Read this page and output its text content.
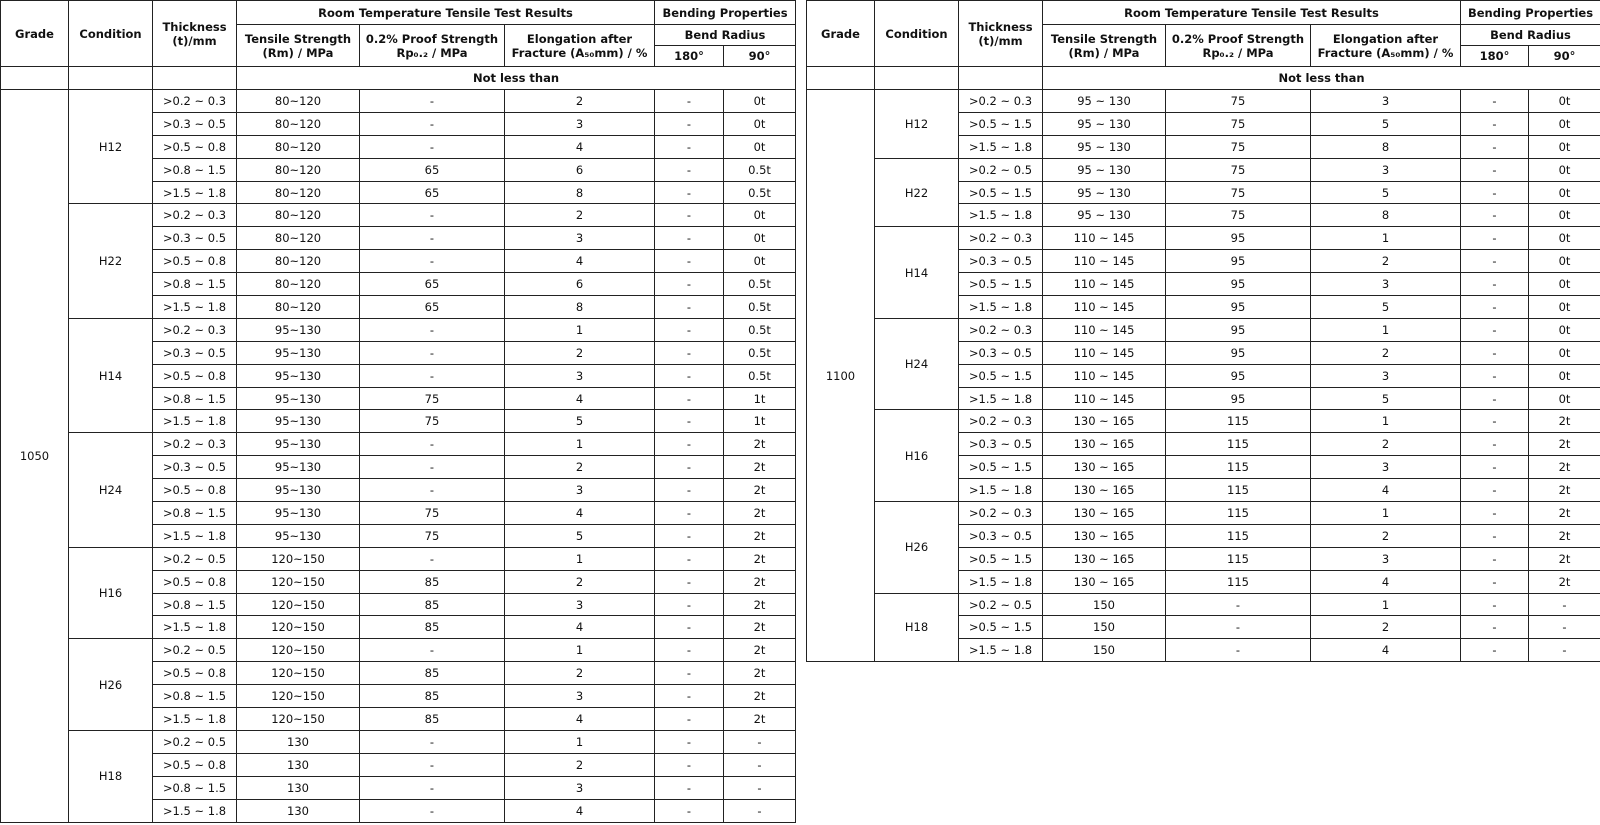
Grade	Condition	Thickness (t)/mm	Room Temperature Tensile Test Results			Bending Properties	
			Tensile Strength (Rm) / MPa	0.2% Proof Strength Rp₀.₂ / MPa	Elongation after Fracture (A₅₀mm) / %	Bend Radius	
						180°	90°
			Not less than				
1050	H12	>0.2 ~ 0.3	80~120	-	2	-	0t
		>0.3 ~ 0.5	80~120	-	3	-	0t
		>0.5 ~ 0.8	80~120	-	4	-	0t
		>0.8 ~ 1.5	80~120	65	6	-	0.5t
		>1.5 ~ 1.8	80~120	65	8	-	0.5t
	H22	>0.2 ~ 0.3	80~120	-	2	-	0t
		>0.3 ~ 0.5	80~120	-	3	-	0t
		>0.5 ~ 0.8	80~120	-	4	-	0t
		>0.8 ~ 1.5	80~120	65	6	-	0.5t
		>1.5 ~ 1.8	80~120	65	8	-	0.5t
	H14	>0.2 ~ 0.3	95~130	-	1	-	0.5t
		>0.3 ~ 0.5	95~130	-	2	-	0.5t
		>0.5 ~ 0.8	95~130	-	3	-	0.5t
		>0.8 ~ 1.5	95~130	75	4	-	1t
		>1.5 ~ 1.8	95~130	75	5	-	1t
	H24	>0.2 ~ 0.3	95~130	-	1	-	2t
		>0.3 ~ 0.5	95~130	-	2	-	2t
		>0.5 ~ 0.8	95~130	-	3	-	2t
		>0.8 ~ 1.5	95~130	75	4	-	2t
		>1.5 ~ 1.8	95~130	75	5	-	2t
	H16	>0.2 ~ 0.5	120~150	-	1	-	2t
		>0.5 ~ 0.8	120~150	85	2	-	2t
		>0.8 ~ 1.5	120~150	85	3	-	2t
		>1.5 ~ 1.8	120~150	85	4	-	2t
	H26	>0.2 ~ 0.5	120~150	-	1	-	2t
		>0.5 ~ 0.8	120~150	85	2	-	2t
		>0.8 ~ 1.5	120~150	85	3	-	2t
		>1.5 ~ 1.8	120~150	85	4	-	2t
	H18	>0.2 ~ 0.5	130	-	1	-	-
		>0.5 ~ 0.8	130	-	2	-	-
		>0.8 ~ 1.5	130	-	3	-	-
		>1.5 ~ 1.8	130	-	4	-	-
Grade	Condition	Thickness (t)/mm	Room Temperature Tensile Test Results			Bending Properties	
			Tensile Strength (Rm) / MPa	0.2% Proof Strength Rp₀.₂ / MPa	Elongation after Fracture (A₅₀mm) / %	Bend Radius	
						180°	90°
			Not less than				
1100	H12	>0.2 ~ 0.3	95 ~ 130	75	3	-	0t
		>0.5 ~ 1.5	95 ~ 130	75	5	-	0t
		>1.5 ~ 1.8	95 ~ 130	75	8	-	0t
	H22	>0.2 ~ 0.5	95 ~ 130	75	3	-	0t
		>0.5 ~ 1.5	95 ~ 130	75	5	-	0t
		>1.5 ~ 1.8	95 ~ 130	75	8	-	0t
	H14	>0.2 ~ 0.3	110 ~ 145	95	1	-	0t
		>0.3 ~ 0.5	110 ~ 145	95	2	-	0t
		>0.5 ~ 1.5	110 ~ 145	95	3	-	0t
		>1.5 ~ 1.8	110 ~ 145	95	5	-	0t
	H24	>0.2 ~ 0.3	110 ~ 145	95	1	-	0t
		>0.3 ~ 0.5	110 ~ 145	95	2	-	0t
		>0.5 ~ 1.5	110 ~ 145	95	3	-	0t
		>1.5 ~ 1.8	110 ~ 145	95	5	-	0t
	H16	>0.2 ~ 0.3	130 ~ 165	115	1	-	2t
		>0.3 ~ 0.5	130 ~ 165	115	2	-	2t
		>0.5 ~ 1.5	130 ~ 165	115	3	-	2t
		>1.5 ~ 1.8	130 ~ 165	115	4	-	2t
	H26	>0.2 ~ 0.3	130 ~ 165	115	1	-	2t
		>0.3 ~ 0.5	130 ~ 165	115	2	-	2t
		>0.5 ~ 1.5	130 ~ 165	115	3	-	2t
		>1.5 ~ 1.8	130 ~ 165	115	4	-	2t
	H18	>0.2 ~ 0.5	150	-	1	-	-
		>0.5 ~ 1.5	150	-	2	-	-
		>1.5 ~ 1.8	150	-	4	-	-
